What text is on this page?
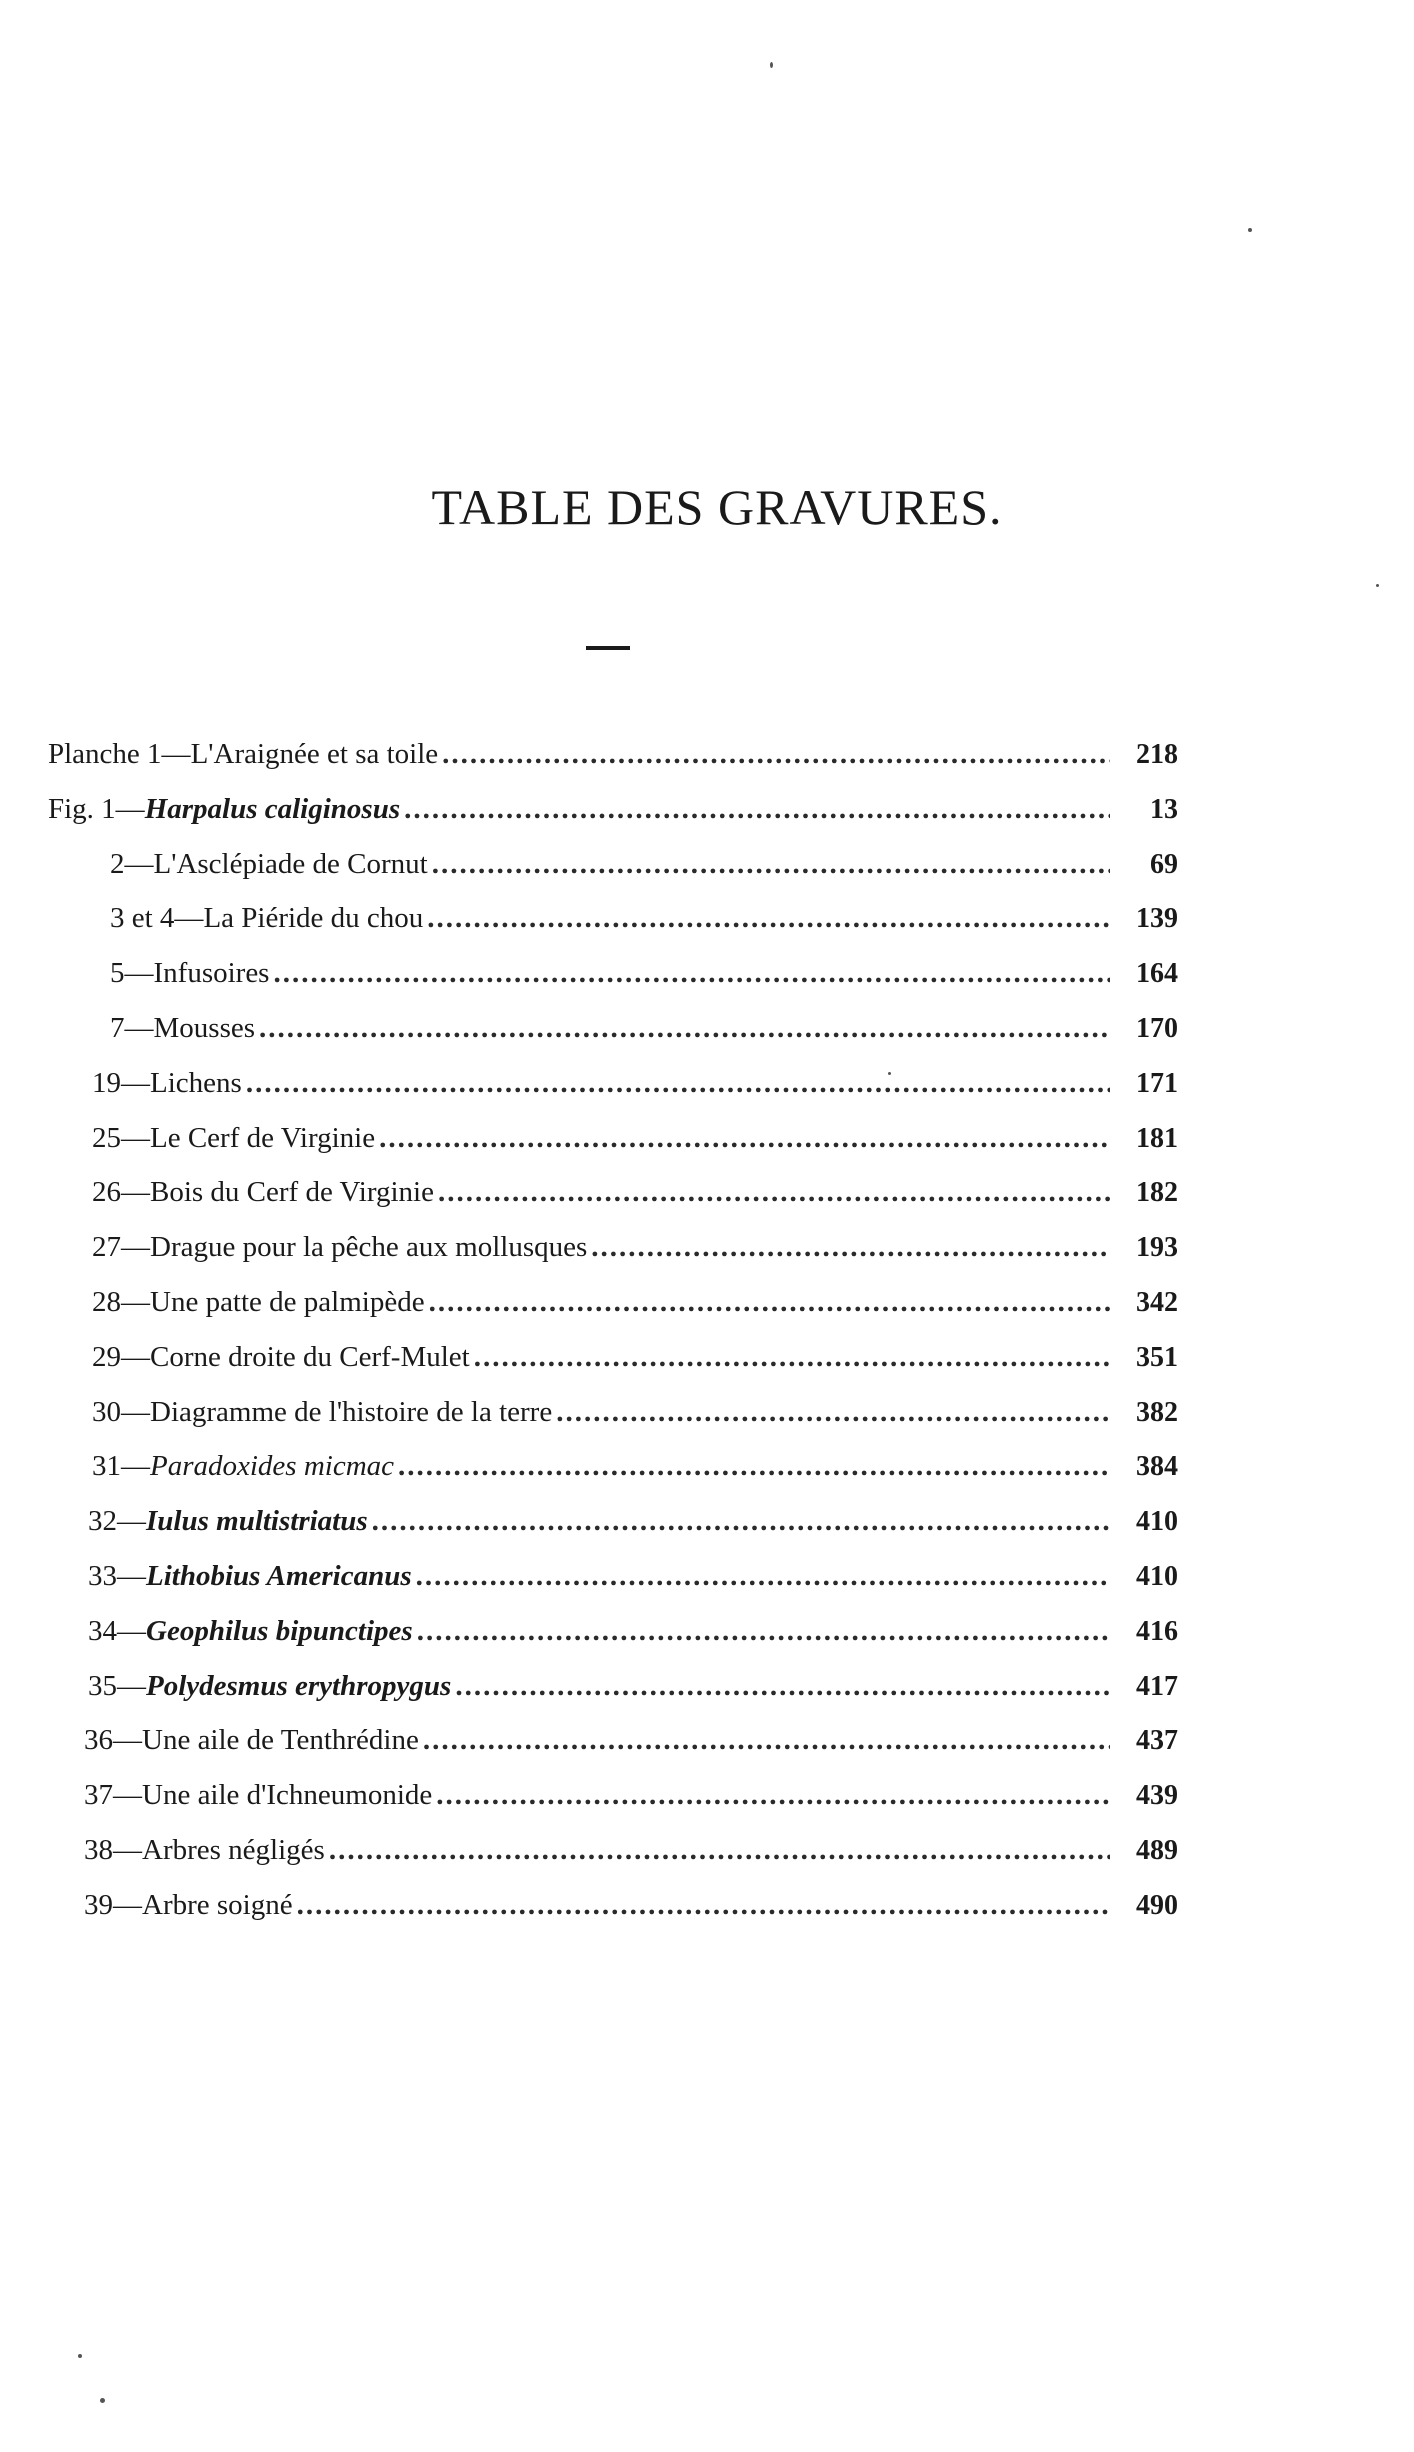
TABLE DES GRAVURES.
Planche 1—L'Araignée et sa toile .....	218
Fig. 1—Harpalus caliginosus .....	13
2—L'Asclépiade de Cornut .....	69
3 et 4—La Piéride du chou .....	139
5—Infusoires .....	164
7—Mousses .....	170
19—Lichens .....	171
25—Le Cerf de Virginie .....	181
26—Bois du Cerf de Virginie .....	182
27—Drague pour la pêche aux mollusques .....	193
28—Une patte de palmipède .....	342
29—Corne droite du Cerf-Mulet .....	351
30—Diagramme de l'histoire de la terre .....	382
31—Paradoxides micmac .....	384
32—Iulus multistriatus .....	410
33—Lithobius Americanus .....	410
34—Geophilus bipunctipes .....	416
35—Polydesmus erythropygus .....	417
36—Une aile de Tenthrédine .....	437
37—Une aile d'Ichneumonide .....	439
38—Arbres négligés .....	489
39—Arbre soigné .....	490
